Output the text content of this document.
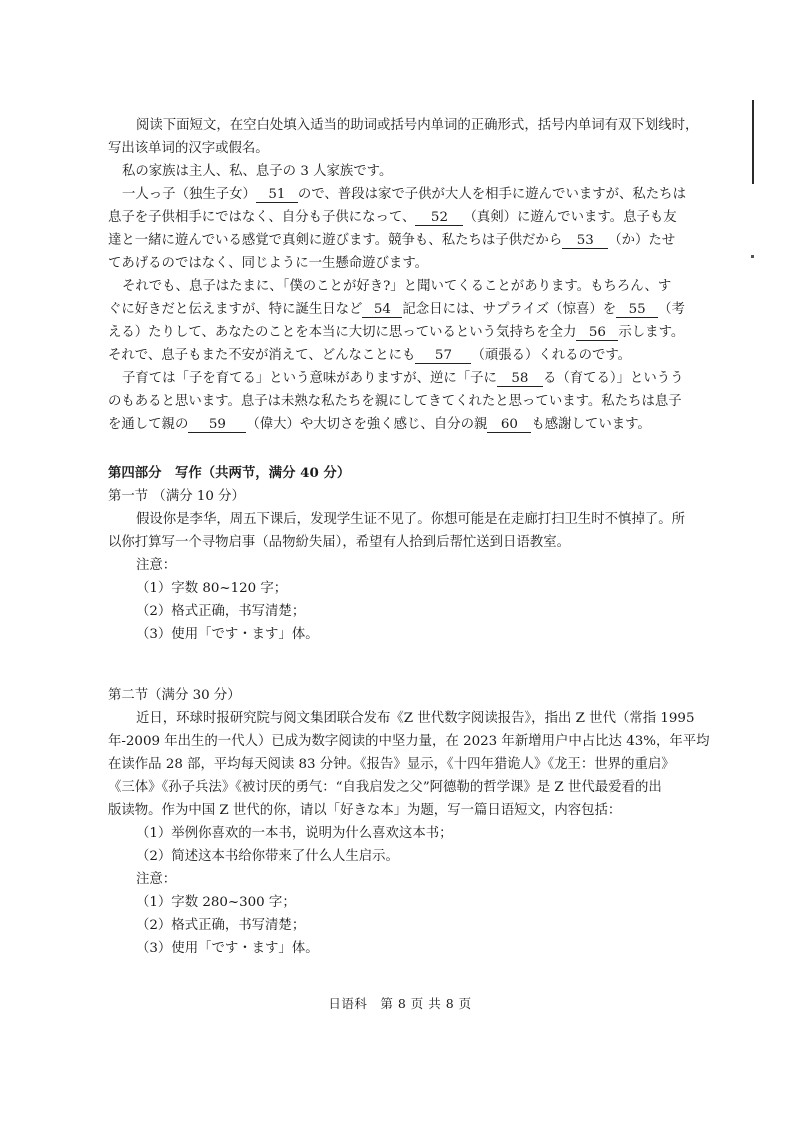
阅读下面短文，在空白处填入适当的助词或括号内单词的正确形式，括号内单词有双下划线时，
写出该单词的汉字或假名。
私の家族は主人、私、息子の 3 人家族です。
一人っ子（独生子女） 51 ので、普段は家で子供が大人を相手に遊んでいますが、私たちは
息子を子供相手にではなく、自分も子供になって、 52 （真剣）に遊んでいます。息子も友
達と一緒に遊んでいる感覚で真剣に遊びます。競争も、私たちは子供だから 53 （か）たせ
てあげるのではなく、同じように一生懸命遊びます。
それでも、息子はたまに、「僕のことが好き?」と聞いてくることがあります。もちろん、す
ぐに好きだと伝えますが、特に誕生日など 54 記念日には、サプライズ（惊喜）を 55 （考
える）たりして、あなたのことを本当に大切に思っているという気持ちを全力 56 示します。
それで、息子もまた不安が消えて、どんなことにも 57 （頑張る）くれるのです。
子育ては「子を育てる」という意味がありますが、逆に「子に 58 る（育てる）」というう
のもあると思います。息子は未熟な私たちを親にしてきてくれたと思っています。私たちは息子
を通して親の 59 （偉大）や大切さを強く感じ、自分の親 60 も感謝しています。
第四部分　写作（共两节，满分 40 分）
第一节 （满分 10 分）
假设你是李华，周五下课后，发现学生证不见了。你想可能是在走廊打扫卫生时不慎掉了。所
以你打算写一个寻物启事（品物紛失届），希望有人拾到后帮忙送到日语教室。
注意：
（1）字数 80~120 字；
（2）格式正确，书写清楚；
（3）使用「です・ます」体。
第二节（满分 30 分）
近日，环球时报研究院与阅文集团联合发布《Z 世代数字阅读报告》，指出 Z 世代（常指 1995
年-2009 年出生的一代人）已成为数字阅读的中坚力量，在 2023 年新增用户中占比达 43%，年平均
在读作品 28 部，平均每天阅读 83 分钟。《报告》显示，《十四年猎诡人》《龙王：世界的重启》
《三体》《孙子兵法》《被讨厌的勇气：“自我启发之父”阿德勒的哲学课》是 Z 世代最爱看的出
版读物。作为中国 Z 世代的你，请以「好きな本」为题，写一篇日语短文，内容包括：
（1）举例你喜欢的一本书，说明为什么喜欢这本书；
（2）简述这本书给你带来了什么人生启示。
注意：
（1）字数 280~300 字；
（2）格式正确，书写清楚；
（3）使用「です・ます」体。
日语科　第 8 页 共 8 页
